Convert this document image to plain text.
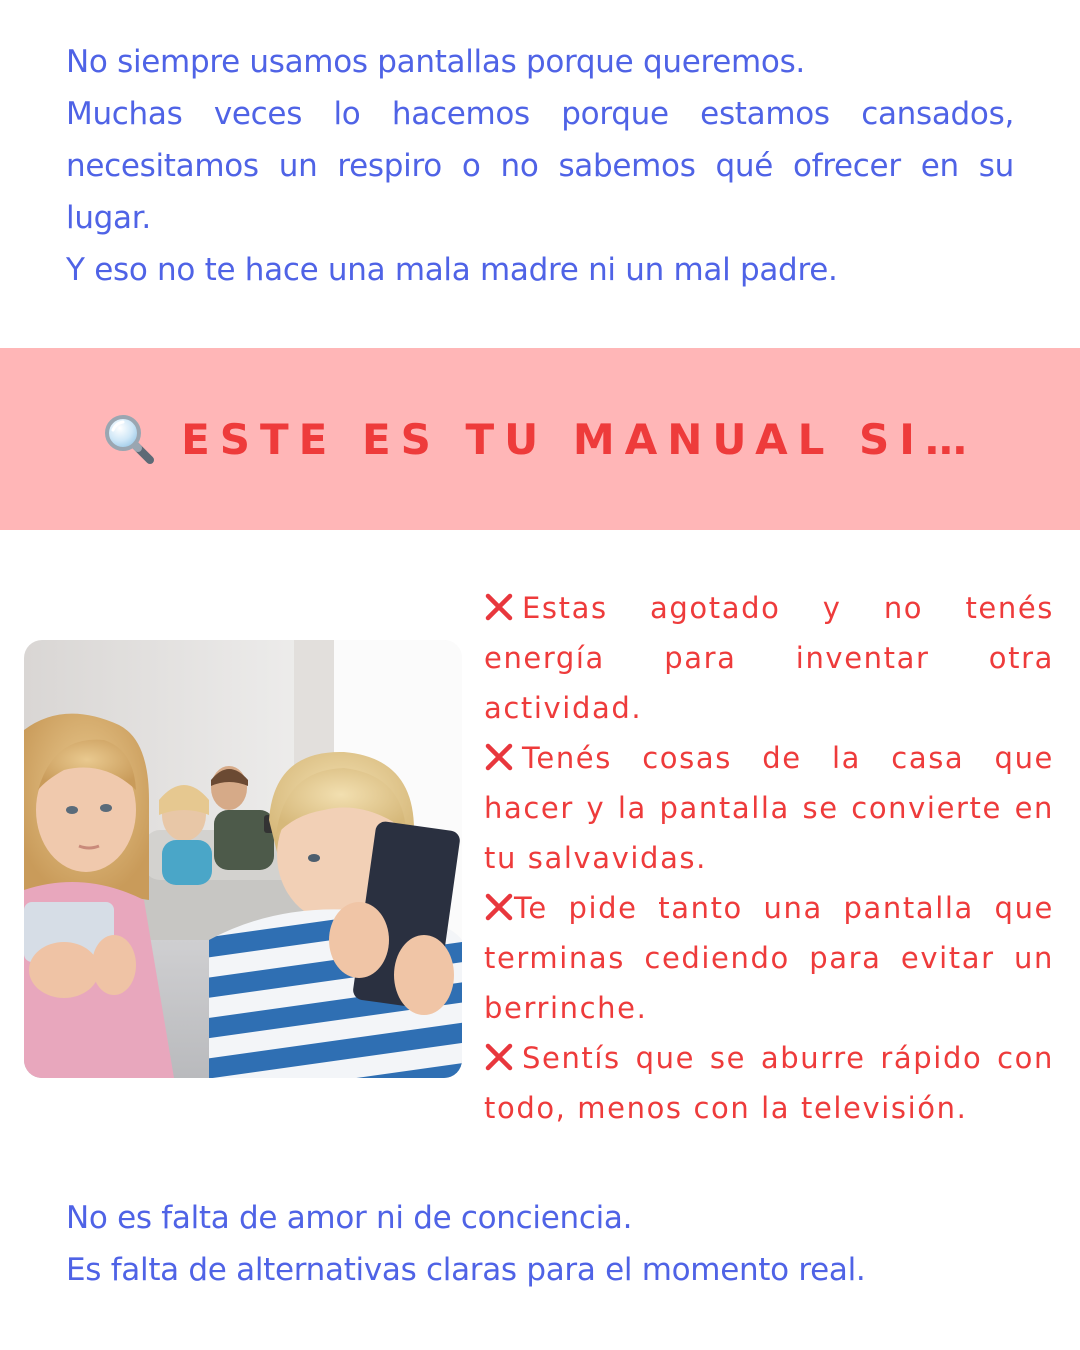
No siempre usamos pantallas porque queremos.

Muchas veces lo hacemos porque estamos cansados, necesitamos un respiro o no sabemos qué ofrecer en su lugar.

Y eso no te hace una mala madre ni un mal padre.

ESTE ES TU MANUAL SI…

Estas agotado y no tenés energía para inventar otra actividad.

Tenés cosas de la casa que hacer y la pantalla se convierte en tu salvavidas.

Te pide tanto una pantalla que terminas cediendo para evitar un berrinche.

Sentís que se aburre rápido con todo, menos con la televisión.

No es falta de amor ni de conciencia.

Es falta de alternativas claras para el momento real.
